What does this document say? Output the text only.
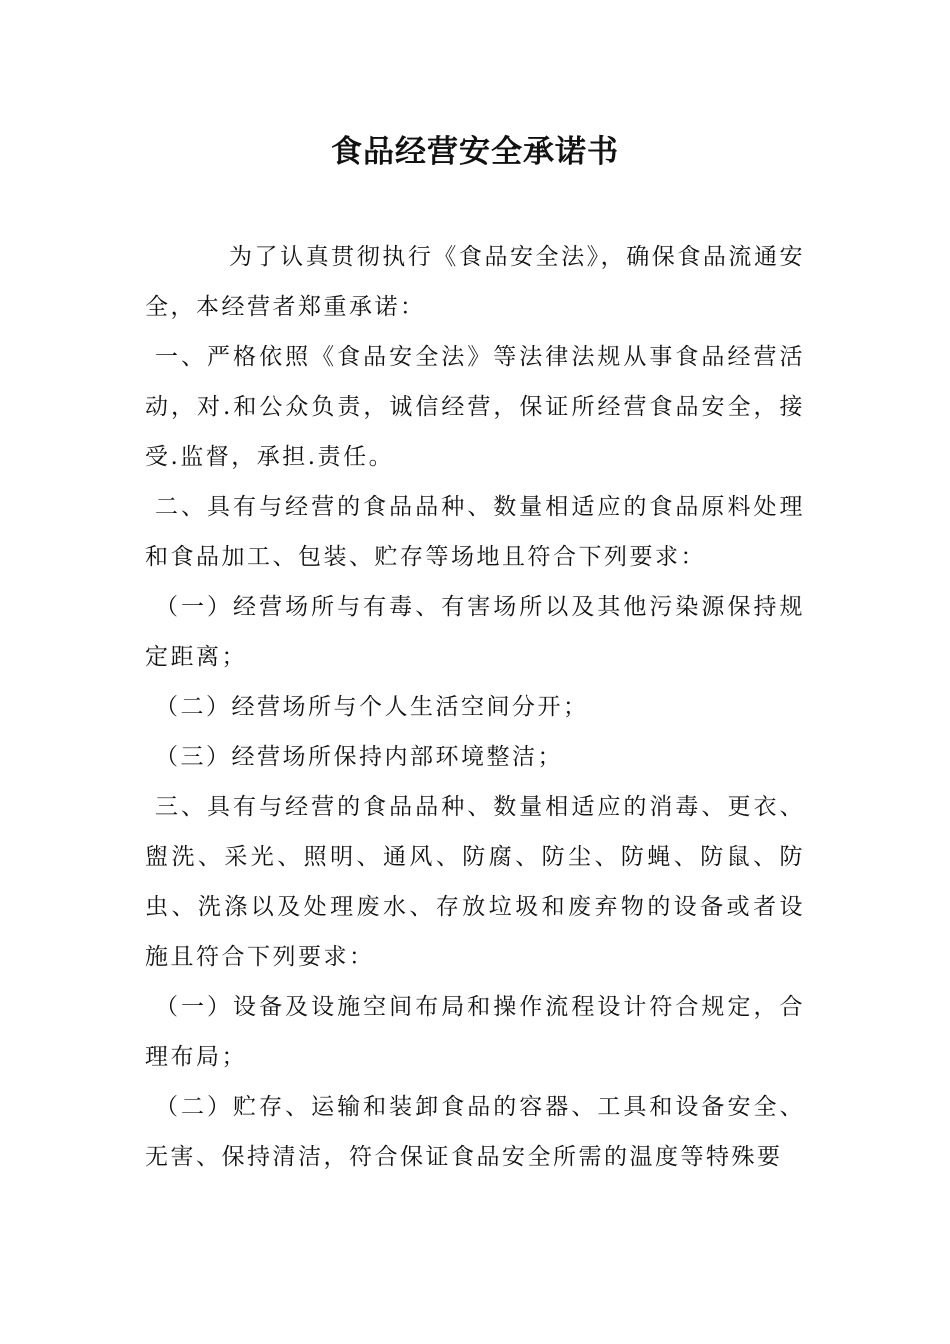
食品经营安全承诺书

为了认真贯彻执行《食品安全法》，确保食品流通安全，本经营者郑重承诺：

一、严格依照《食品安全法》等法律法规从事食品经营活动，对.和公众负责，诚信经营，保证所经营食品安全，接受.监督，承担.责任。

二、具有与经营的食品品种、数量相适应的食品原料处理和食品加工、包装、贮存等场地且符合下列要求：

（一）经营场所与有毒、有害场所以及其他污染源保持规定距离；

（二）经营场所与个人生活空间分开；

（三）经营场所保持内部环境整洁；

三、具有与经营的食品品种、数量相适应的消毒、更衣、盥洗、采光、照明、通风、防腐、防尘、防蝇、防鼠、防虫、洗涤以及处理废水、存放垃圾和废弃物的设备或者设施且符合下列要求：

（一）设备及设施空间布局和操作流程设计符合规定，合理布局；

（二）贮存、运输和装卸食品的容器、工具和设备安全、无害、保持清洁，符合保证食品安全所需的温度等特殊要
